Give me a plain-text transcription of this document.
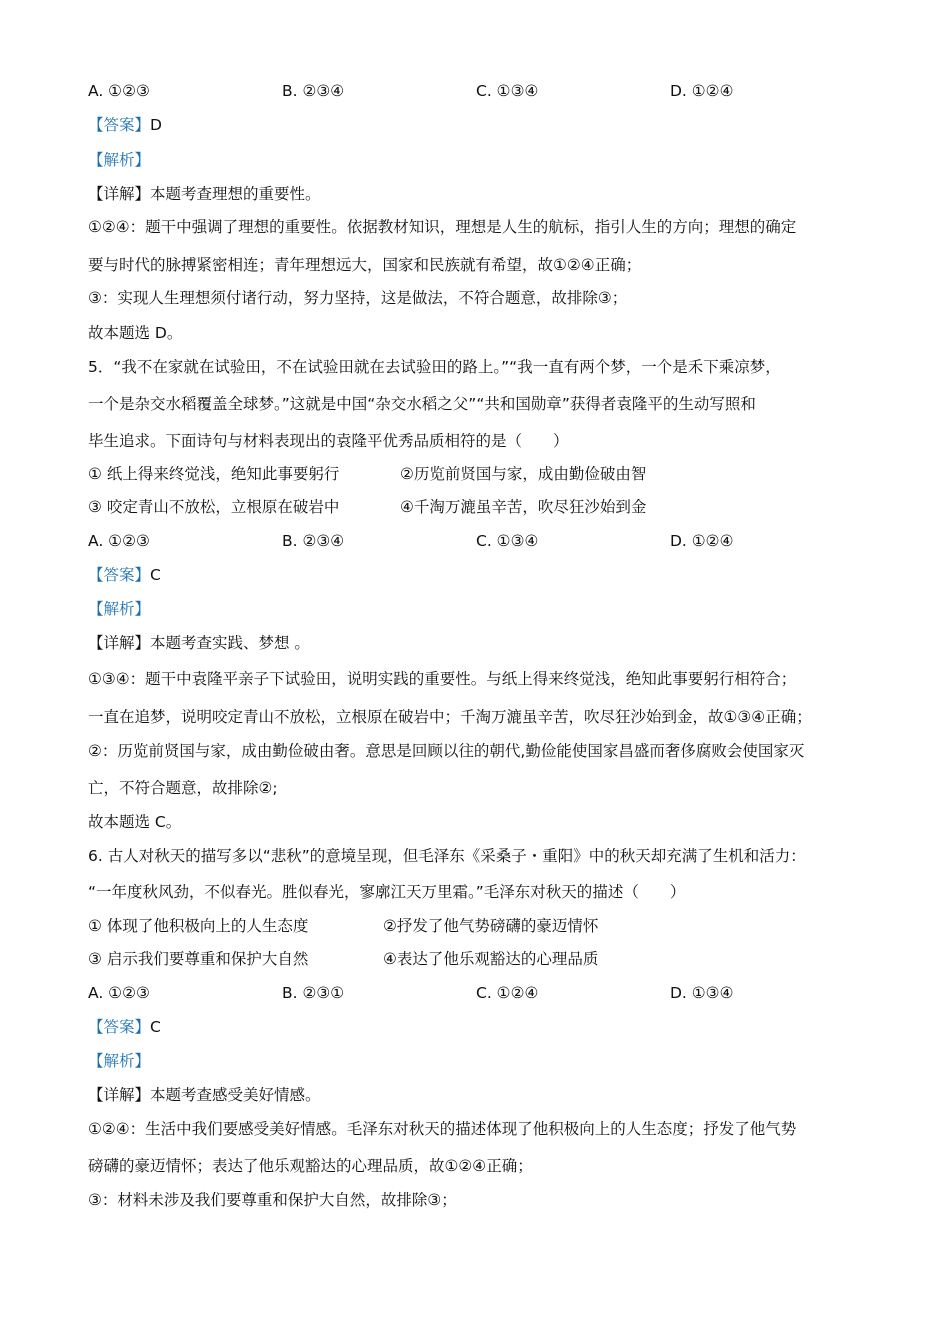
A. ①②③	B. ②③④	C. ①③④	D. ①②④
【答案】D
【解析】
【详解】本题考查理想的重要性。
①②④：题干中强调了理想的重要性。依据教材知识，理想是人生的航标，指引人生的方向；理想的确定
要与时代的脉搏紧密相连；青年理想远大，国家和民族就有希望，故①②④正确；
③：实现人生理想须付诸行动，努力坚持，这是做法，不符合题意，故排除③；
故本题选 D。
5．“我不在家就在试验田，不在试验田就在去试验田的路上。”“我一直有两个梦，一个是禾下乘凉梦，
一个是杂交水稻覆盖全球梦。”这就是中国“杂交水稻之父”“共和国勋章”获得者袁隆平的生动写照和
毕生追求。下面诗句与材料表现出的袁隆平优秀品质相符的是（　　）
① 纸上得来终觉浅，绝知此事要躬行	②历览前贤国与家，成由勤俭破由智
③ 咬定青山不放松，立根原在破岩中	④千淘万漉虽辛苦，吹尽狂沙始到金
A. ①②③	B. ②③④	C. ①③④	D. ①②④
【答案】C
【解析】
【详解】本题考查实践、梦想 。
①③④：题干中袁隆平亲子下试验田，说明实践的重要性。与纸上得来终觉浅，绝知此事要躬行相符合；
一直在追梦，说明咬定青山不放松，立根原在破岩中；千淘万漉虽辛苦，吹尽狂沙始到金，故①③④正确；
②：历览前贤国与家，成由勤俭破由奢。意思是回顾以往的朝代,勤俭能使国家昌盛而奢侈腐败会使国家灭
亡，不符合题意，故排除②;
故本题选 C。
6. 古人对秋天的描写多以“悲秋”的意境呈现，但毛泽东《采桑子・重阳》中的秋天却充满了生机和活力：
“一年度秋风劲，不似春光。胜似春光，寥廓江天万里霜。”毛泽东对秋天的描述（　　）
① 体现了他积极向上的人生态度	②抒发了他气势磅礴的豪迈情怀
③ 启示我们要尊重和保护大自然	④表达了他乐观豁达的心理品质
A. ①②③	B. ②③①	C. ①②④	D. ①③④
【答案】C
【解析】
【详解】本题考查感受美好情感。
①②④：生活中我们要感受美好情感。毛泽东对秋天的描述体现了他积极向上的人生态度；抒发了他气势
磅礴的豪迈情怀；表达了他乐观豁达的心理品质，故①②④正确；
③：材料未涉及我们要尊重和保护大自然，故排除③；
